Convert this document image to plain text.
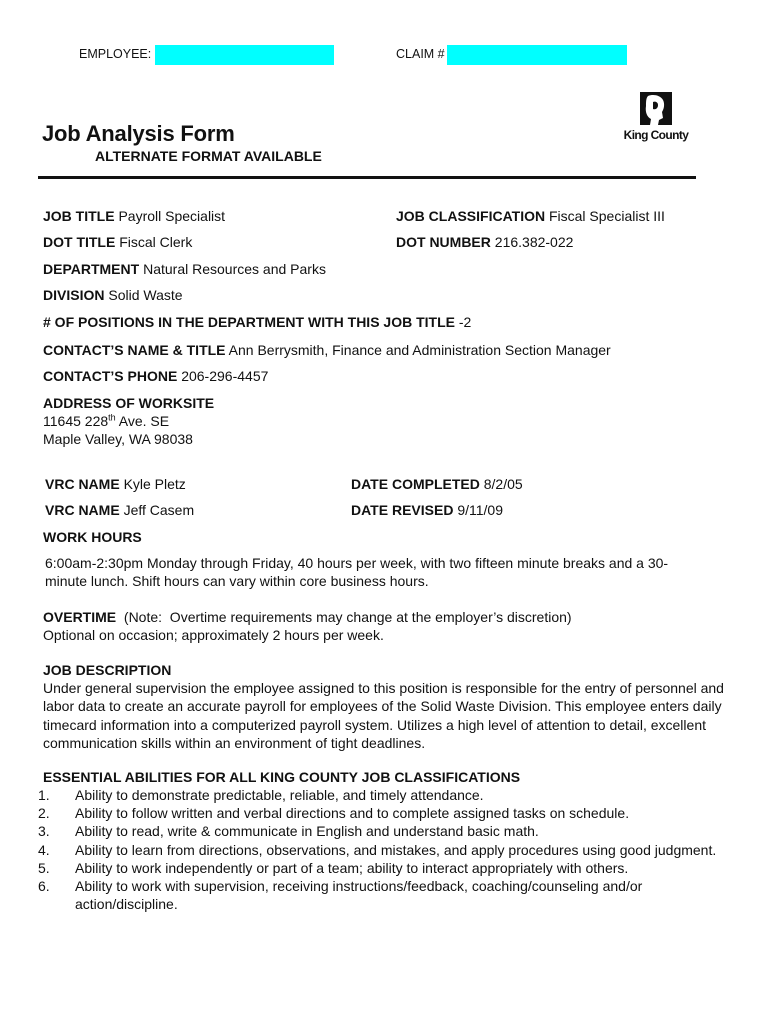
EMPLOYEE:	CLAIM #
Job Analysis Form
ALTERNATE FORMAT AVAILABLE
King County
JOB TITLE Payroll Specialist	JOB CLASSIFICATION Fiscal Specialist III
DOT TITLE Fiscal Clerk	DOT NUMBER 216.382-022
DEPARTMENT Natural Resources and Parks
DIVISION Solid Waste
# OF POSITIONS IN THE DEPARTMENT WITH THIS JOB TITLE -2
CONTACT’S NAME & TITLE Ann Berrysmith, Finance and Administration Section Manager
CONTACT’S PHONE 206-296-4457
ADDRESS OF WORKSITE
11645 228th Ave. SE
Maple Valley, WA 98038
VRC NAME Kyle Pletz	DATE COMPLETED 8/2/05
VRC NAME Jeff Casem	DATE REVISED 9/11/09
WORK HOURS
6:00am-2:30pm Monday through Friday, 40 hours per week, with two fifteen minute breaks and a 30-minute lunch. Shift hours can vary within core business hours.
OVERTIME  (Note:  Overtime requirements may change at the employer’s discretion)
Optional on occasion; approximately 2 hours per week.
JOB DESCRIPTION
Under general supervision the employee assigned to this position is responsible for the entry of personnel and labor data to create an accurate payroll for employees of the Solid Waste Division. This employee enters daily timecard information into a computerized payroll system. Utilizes a high level of attention to detail, excellent communication skills within an environment of tight deadlines.
ESSENTIAL ABILITIES FOR ALL KING COUNTY JOB CLASSIFICATIONS
1. Ability to demonstrate predictable, reliable, and timely attendance.
2. Ability to follow written and verbal directions and to complete assigned tasks on schedule.
3. Ability to read, write & communicate in English and understand basic math.
4. Ability to learn from directions, observations, and mistakes, and apply procedures using good judgment.
5. Ability to work independently or part of a team; ability to interact appropriately with others.
6. Ability to work with supervision, receiving instructions/feedback, coaching/counseling and/or action/discipline.
